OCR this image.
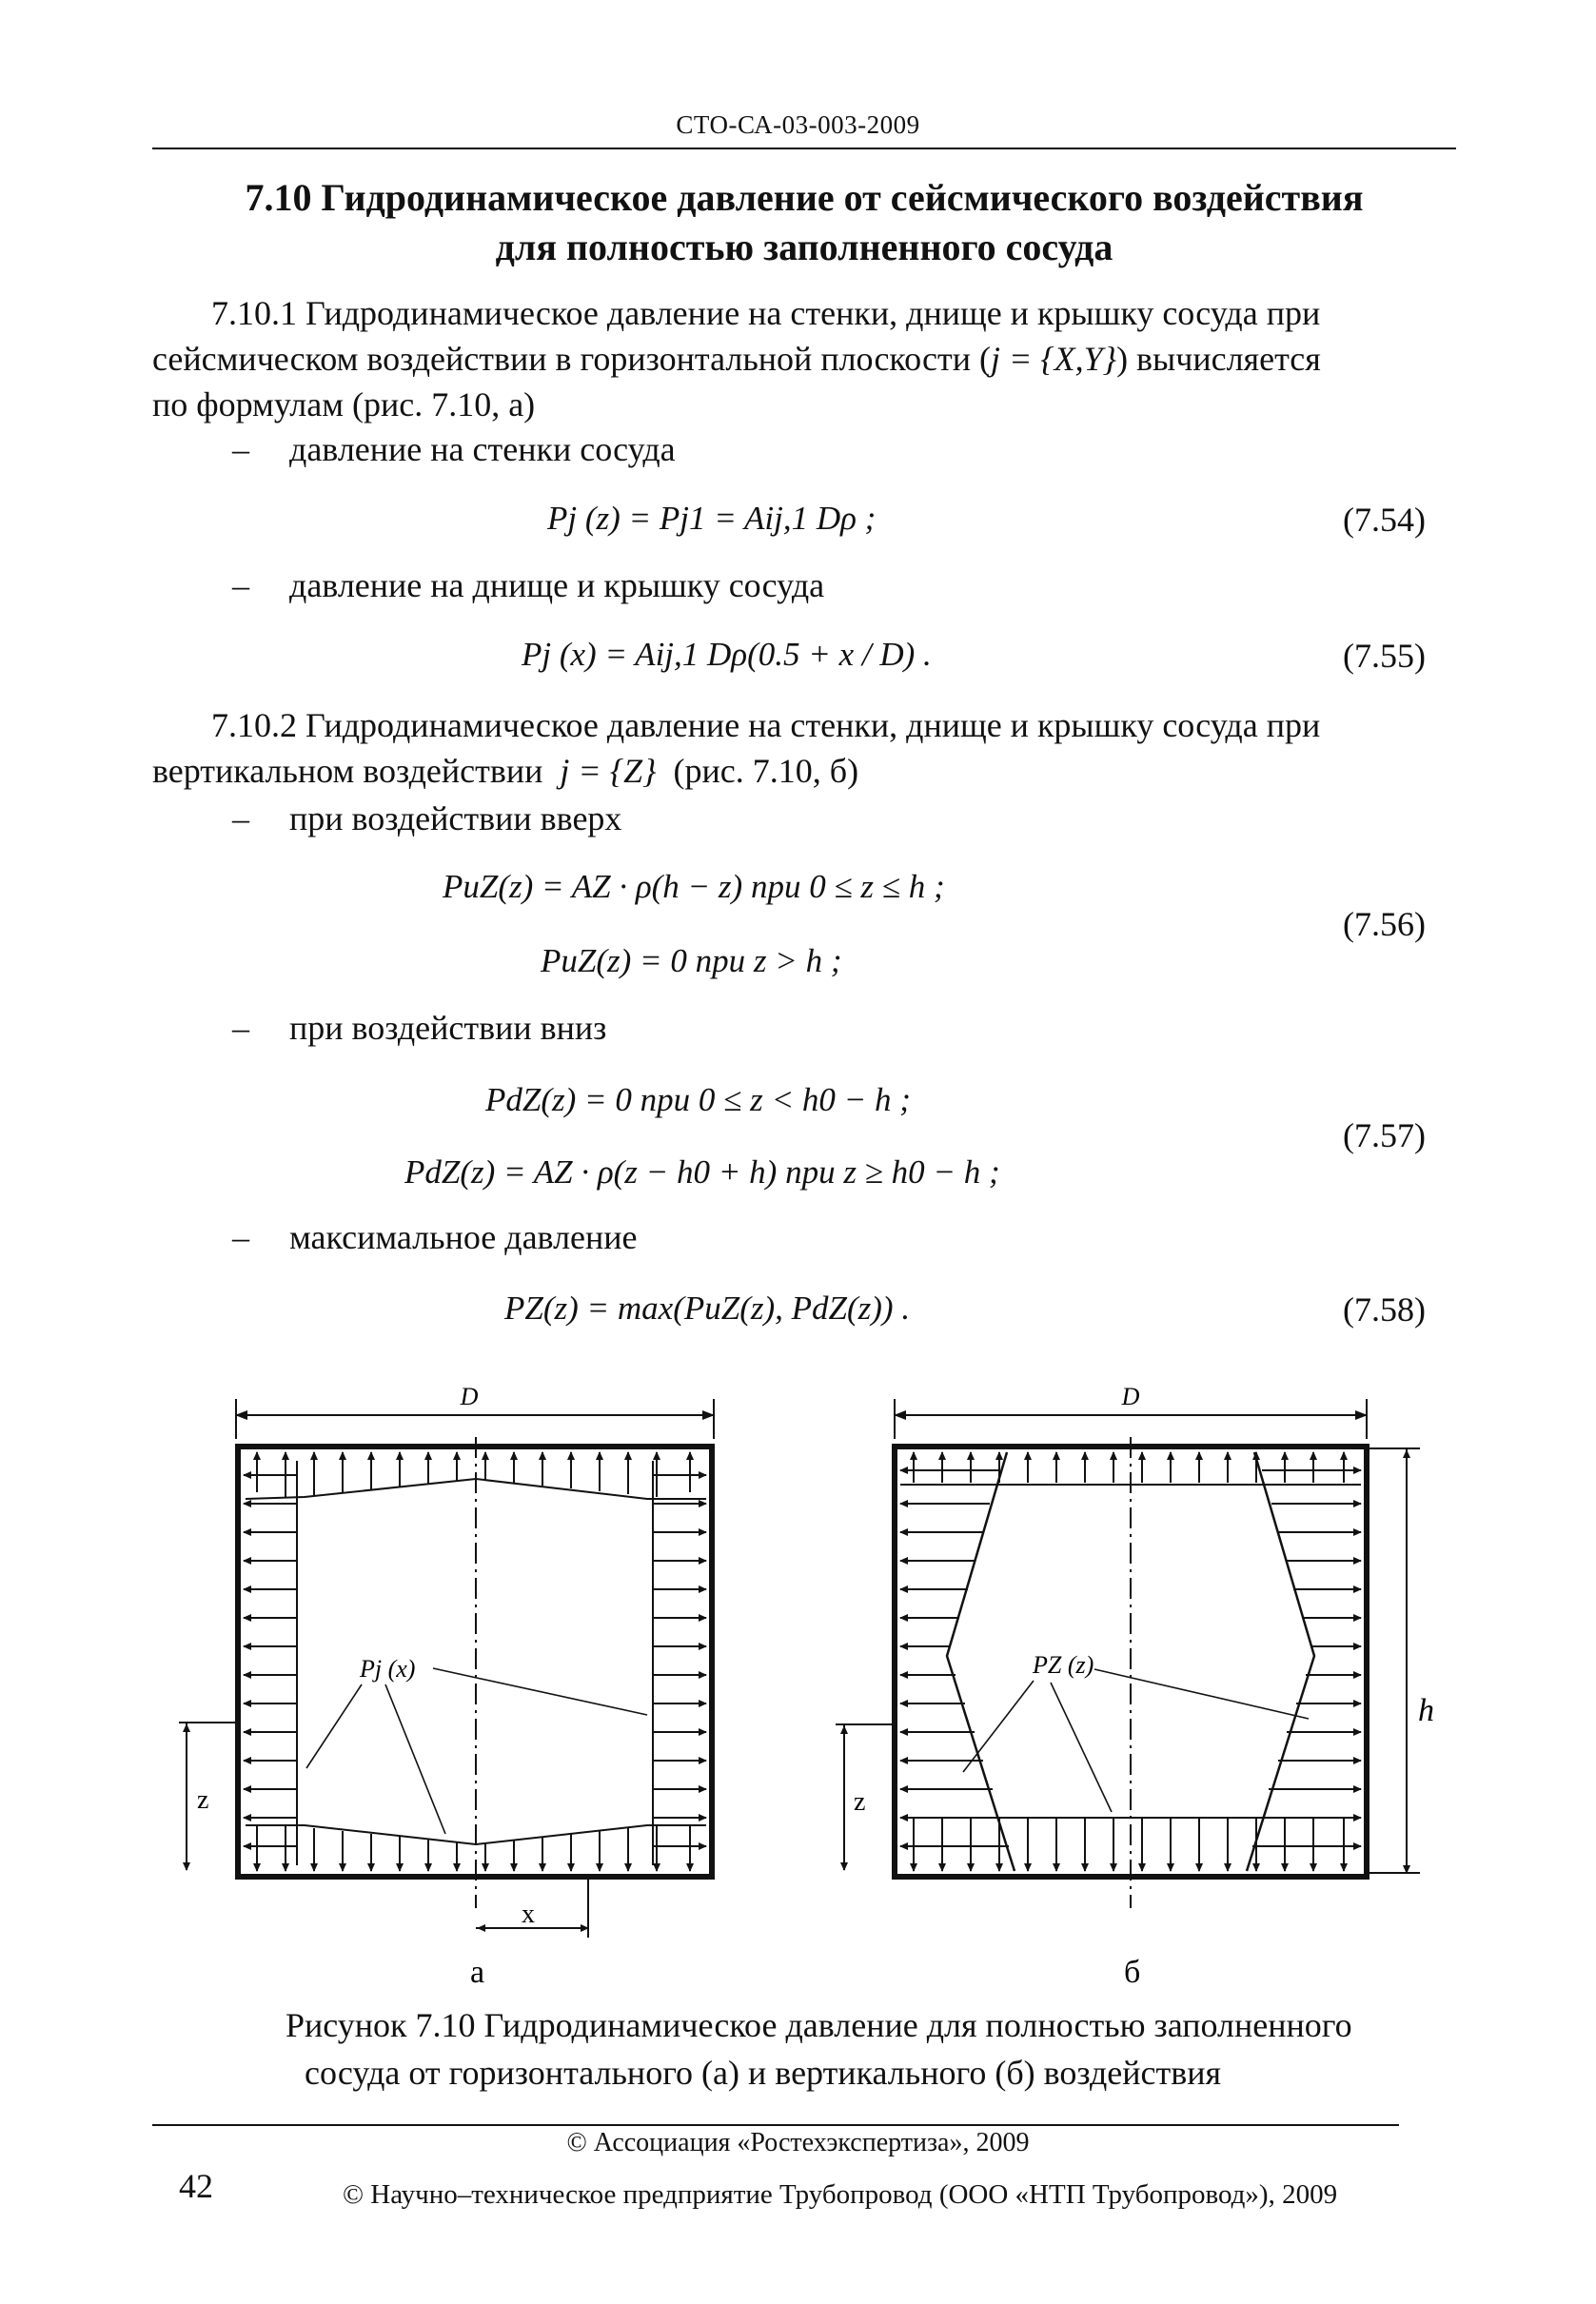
СТО-СА-03-003-2009
7.10 Гидродинамическое давление от сейсмического воздействия
для полностью заполненного сосуда
7.10.1 Гидродинамическое давление на стенки, днище и крышку сосуда при
сейсмическом воздействии в горизонтальной плоскости (j = {X,Y}) вычисляется
по формулам (рис. 7.10, а)
– давление на стенки сосуда
Pj (z) = Pj1 = Aij,1 Dρ ;	(7.54)
– давление на днище и крышку сосуда
Pj (x) = Aij,1 Dρ(0.5 + x / D) .	(7.55)
7.10.2 Гидродинамическое давление на стенки, днище и крышку сосуда при
вертикальном воздействии j = {Z} (рис. 7.10, б)
– при воздействии вверх
PuZ(z) = AZ · ρ(h − z) при 0 ≤ z ≤ h ;
PuZ(z) = 0 при z > h ;
(7.56)
– при воздействии вниз
PdZ(z) = 0 при 0 ≤ z < h0 − h ;
PdZ(z) = AZ · ρ(z − h0 + h) при z ≥ h0 − h ;
(7.57)
– максимальное давление
PZ(z) = max(PuZ(z), PdZ(z)) .	(7.58)
D
Pj (x)
z
x
а
D
PZ (z)
z
h
б
Рисунок 7.10 Гидродинамическое давление для полностью заполненного
сосуда от горизонтального (а) и вертикального (б) воздействия
© Ассоциация «Ростехэкспертиза», 2009
42	© Научно–техническое предприятие Трубопровод (ООО «НТП Трубопровод»), 2009
